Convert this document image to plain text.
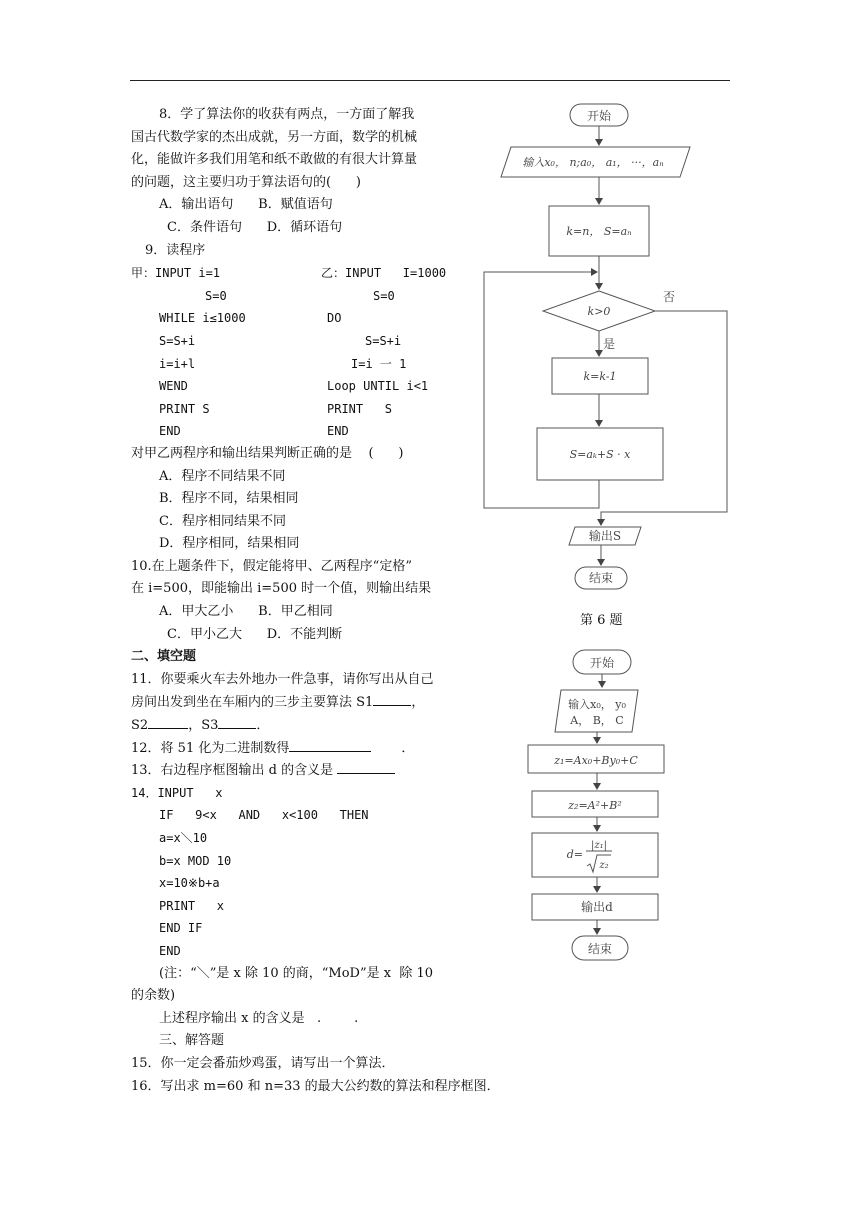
8．学了算法你的收获有两点，一方面了解我
国古代数学家的杰出成就，另一方面，数学的机械
化，能做许多我们用笔和纸不敢做的有很大计算量
的问题，这主要归功于算法语句的(      )
A．输出语句      B．赋值语句
C．条件语句      D．循环语句
9．读程序
甲：INPUT i=1	乙：INPUT   I=1000
S=0	S=0
WHILE i≤1000	DO
S=S+i	S=S+i
i=i+l	I=i 一 1
WEND	Loop UNTIL i<1
PRINT S	PRINT   S
END	END
对甲乙两程序和输出结果判断正确的是    (      )
A．程序不同结果不同
B．程序不同，结果相同
C．程序相同结果不同
D．程序相同，结果相同
10.在上题条件下，假定能将甲、乙两程序“定格”
在 i=500，即能输出 i=500 时一个值，则输出结果
A．甲大乙小      B．甲乙相同
C．甲小乙大      D．不能判断
二、填空题
11．你要乘火车去外地办一件急事，请你写出从自己
房间出发到坐在车厢内的三步主要算法 S1	，
S2	，S3	．
12．将 51 化为二进制数得	．
13．右边程序框图输出 d 的含义是
14．INPUT   x
IF   9<x   AND   x<100   THEN
a=x＼10
b=x MOD 10
x=10※b+a
PRINT   x
END IF
END
(注：“＼”是 x 除 10 的商，“MoD”是 x  除 10
的余数)
上述程序输出 x 的含义是   .        .
三、解答题
15．你一定会番茄炒鸡蛋，请写出一个算法．
16．写出求 m=60 和 n=33 的最大公约数的算法和程序框图．
开始
输入x₀， n;a₀， a₁， ···，aₙ
k=n， S=aₙ
k>0
否
是
k=k-1
S=aₖ+S · x
输出S
结束
开始
输入x₀， y₀
A， B， C
z₁=Ax₀+By₀+C
z₂=A²+B²
d=
|z₁|
z₂
输出d
结束
第 6 题
